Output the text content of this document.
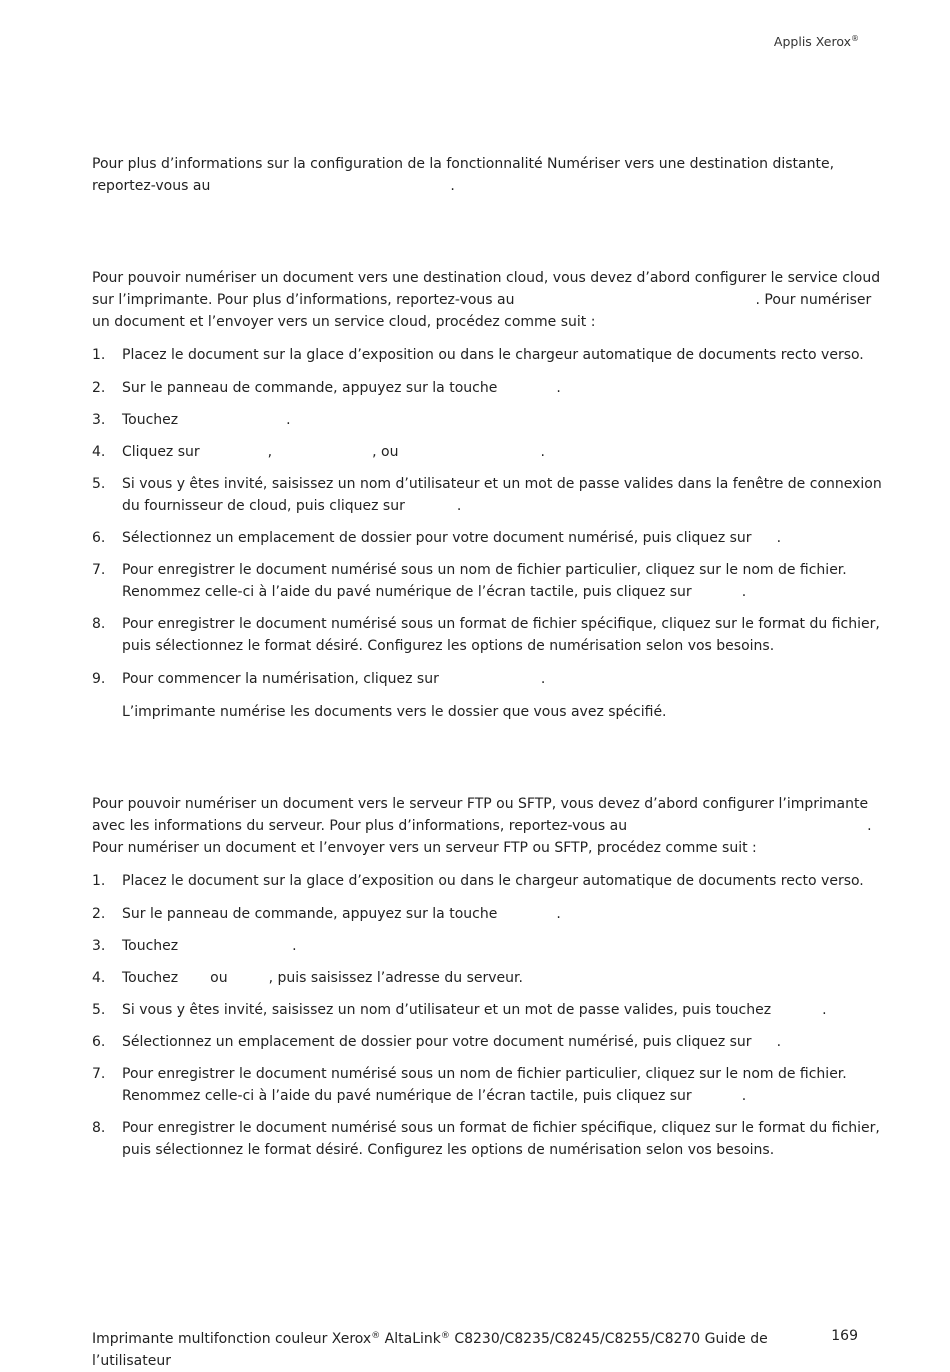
Applis Xerox®
Pour plus d’informations sur la configuration de la fonctionnalité Numériser vers une destination distante,
reportez-vous au	.
Pour pouvoir numériser un document vers une destination cloud, vous devez d’abord configurer le service cloud
sur l’imprimante. Pour plus d’informations, reportez-vous au	. Pour numériser
un document et l’envoyer vers un service cloud, procédez comme suit :
1. Placez le document sur la glace d’exposition ou dans le chargeur automatique de documents recto verso.
2. Sur le panneau de commande, appuyez sur la touche	.
3. Touchez	.
4. Cliquez sur	,	, ou	.
5. Si vous y êtes invité, saisissez un nom d’utilisateur et un mot de passe valides dans la fenêtre de connexion
du fournisseur de cloud, puis cliquez sur	.
6. Sélectionnez un emplacement de dossier pour votre document numérisé, puis cliquez sur .
7. Pour enregistrer le document numérisé sous un nom de fichier particulier, cliquez sur le nom de fichier.
Renommez celle-ci à l’aide du pavé numérique de l’écran tactile, puis cliquez sur	.
8. Pour enregistrer le document numérisé sous un format de fichier spécifique, cliquez sur le format du fichier,
puis sélectionnez le format désiré. Configurez les options de numérisation selon vos besoins.
9. Pour commencer la numérisation, cliquez sur	.
L’imprimante numérise les documents vers le dossier que vous avez spécifié.
Pour pouvoir numériser un document vers le serveur FTP ou SFTP, vous devez d’abord configurer l’imprimante
avec les informations du serveur. Pour plus d’informations, reportez-vous au	.
Pour numériser un document et l’envoyer vers un serveur FTP ou SFTP, procédez comme suit :
1. Placez le document sur la glace d’exposition ou dans le chargeur automatique de documents recto verso.
2. Sur le panneau de commande, appuyez sur la touche	.
3. Touchez	.
4. Touchez ou	, puis saisissez l’adresse du serveur.
5. Si vous y êtes invité, saisissez un nom d’utilisateur et un mot de passe valides, puis touchez	.
6. Sélectionnez un emplacement de dossier pour votre document numérisé, puis cliquez sur .
7. Pour enregistrer le document numérisé sous un nom de fichier particulier, cliquez sur le nom de fichier.
Renommez celle-ci à l’aide du pavé numérique de l’écran tactile, puis cliquez sur	.
8. Pour enregistrer le document numérisé sous un format de fichier spécifique, cliquez sur le format du fichier,
puis sélectionnez le format désiré. Configurez les options de numérisation selon vos besoins.
Imprimante multifonction couleur Xerox® AltaLink® C8230/C8235/C8245/C8255/C8270 Guide de
l’utilisateur
169
